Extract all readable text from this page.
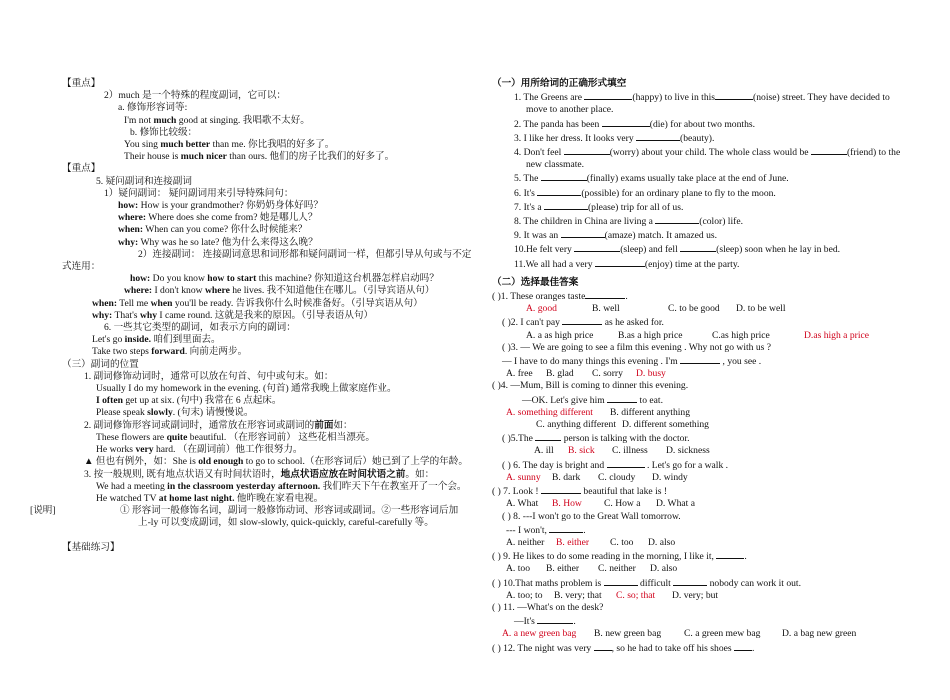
【重点】
2）much 是一个特殊的程度副词，它可以：
a. 修饰形容词等:
I'm not much good at singing. 我唱歌不太好。
b. 修饰比较级：
You sing much better than me. 你比我唱的好多了。
Their house is much nicer than ours. 他们的房子比我们的好多了。
【重点】
5. 疑问副词和连接副词
1）疑问副词： 疑问副词用来引导特殊问句：
how: How is your grandmother? 你奶奶身体好吗？
where: Where does she come from? 她是哪儿人？
when: When can you come? 你什么时候能来？
why: Why was he so late? 他为什么来得这么晚？
2）连接副词： 连接副词意思和词形都和疑问副词一样，但都引导从句或与不定式连用：
how: Do you know how to start this machine? 你知道这台机器怎样启动吗？
where: I don't know where he lives. 我不知道他住在哪儿。（引导宾语从句）
when: Tell me when you'll be ready. 告诉我你什么时候准备好。（引导宾语从句）
why: That's why I came round. 这就是我来的原因。（引导表语从句）
6. 一些其它类型的副词，如表示方向的副词：
Let's go inside. 咱们到里面去。
Take two steps forward. 向前走两步。
（三）副词的位置
1. 副词修饰动词时，通常可以放在句首、句中或句末。如：
Usually I do my homework in the evening. (句首) 通常我晚上做家庭作业。
I often get up at six. (句中) 我常在 6 点起床。
Please speak slowly. (句末) 请慢慢说。
2. 副词修饰形容词或副词时，通常放在形容词或副词的前面如：
These flowers are quite beautiful. （在形容词前） 这些花相当漂亮。
He works very hard. （在副词前）他工作很努力。
▲ 但也有例外，如：She is old enough to go to school.（在形容词后）她已到了上学的年龄。
3. 按一般规则, 既有地点状语又有时间状语时，地点状语应放在时间状语之前。如：
We had a meeting in the classroom yesterday afternoon. 我们昨天下午在教室开了一个会。
He watched TV at home last night. 他昨晚在家看电视。
[说明]	① 形容词一般修饰名词，副词一般修饰动词、形容词或副词。②一些形容词后加上-ly 可以变成副词，如 slow-slowly, quick-quickly, careful-carefully 等。
【基础练习】
（一）用所给词的正确形式填空
1. The Greens are	(happy) to live in this	(noise) street. They have decided to move to another place.
2. The panda has been	(die) for about two months.
3. I like her dress. It looks very	(beauty).
4. Don't feel	(worry) about your child. The whole class would be	(friend) to the new classmate.
5. The	(finally) exams usually take place at the end of June.
6. It's	(possible) for an ordinary plane to fly to the moon.
7. It's a	(please) trip for all of us.
8. The children in China are living a	(color) life.
9. It was an	(amaze) match. It amazed us.
10.He felt very	(sleep) and fell	(sleep) soon when he lay in bed.
11.We all had a very	(enjoy) time at the party.
（二）选择最佳答案
( )1. These oranges taste	.
A. good	B. well	C. to be good D. to be well
( )2. I can't pay	as he asked for.
A. a as high price	B.as a high price	C.as high price	D.as high a price
( )3. — We are going to see a film this evening . Why not go with us ?
— I have to do many things this evening . I'm	, you see .
A. free B. glad C. sorry D. busy
( )4. —Mum, Bill is coming to dinner this evening.
—OK. Let's give him	to eat.
A. something different B. different anything
C. anything different D. different something
( )5.The	person is talking with the doctor.
A. ill B. sick C. illness D. sickness
( ) 6. The day is bright and	. Let's go for a walk .
A. sunny B. dark C. cloudy D. windy
( ) 7. Look !	beautiful that lake is !
A. What B. How C. How a D. What a
( ) 8. ---I won't go to the Great Wall tomorrow.
--- I won't,	.
A. neither B. either C. too D. also
( ) 9. He likes to do some reading in the morning, I like it,	.
A. too B. either C. neither D. also
( ) 10.That maths problem is	difficult	nobody can work it out.
A. too; to B. very; that C. so; that D. very; but
( ) 11. —What's on the desk?
—It's	.
A. a new green bag B. new green bag C. a green mew bag D. a bag new green
( ) 12. The night was very , so he had to take off his shoes .
